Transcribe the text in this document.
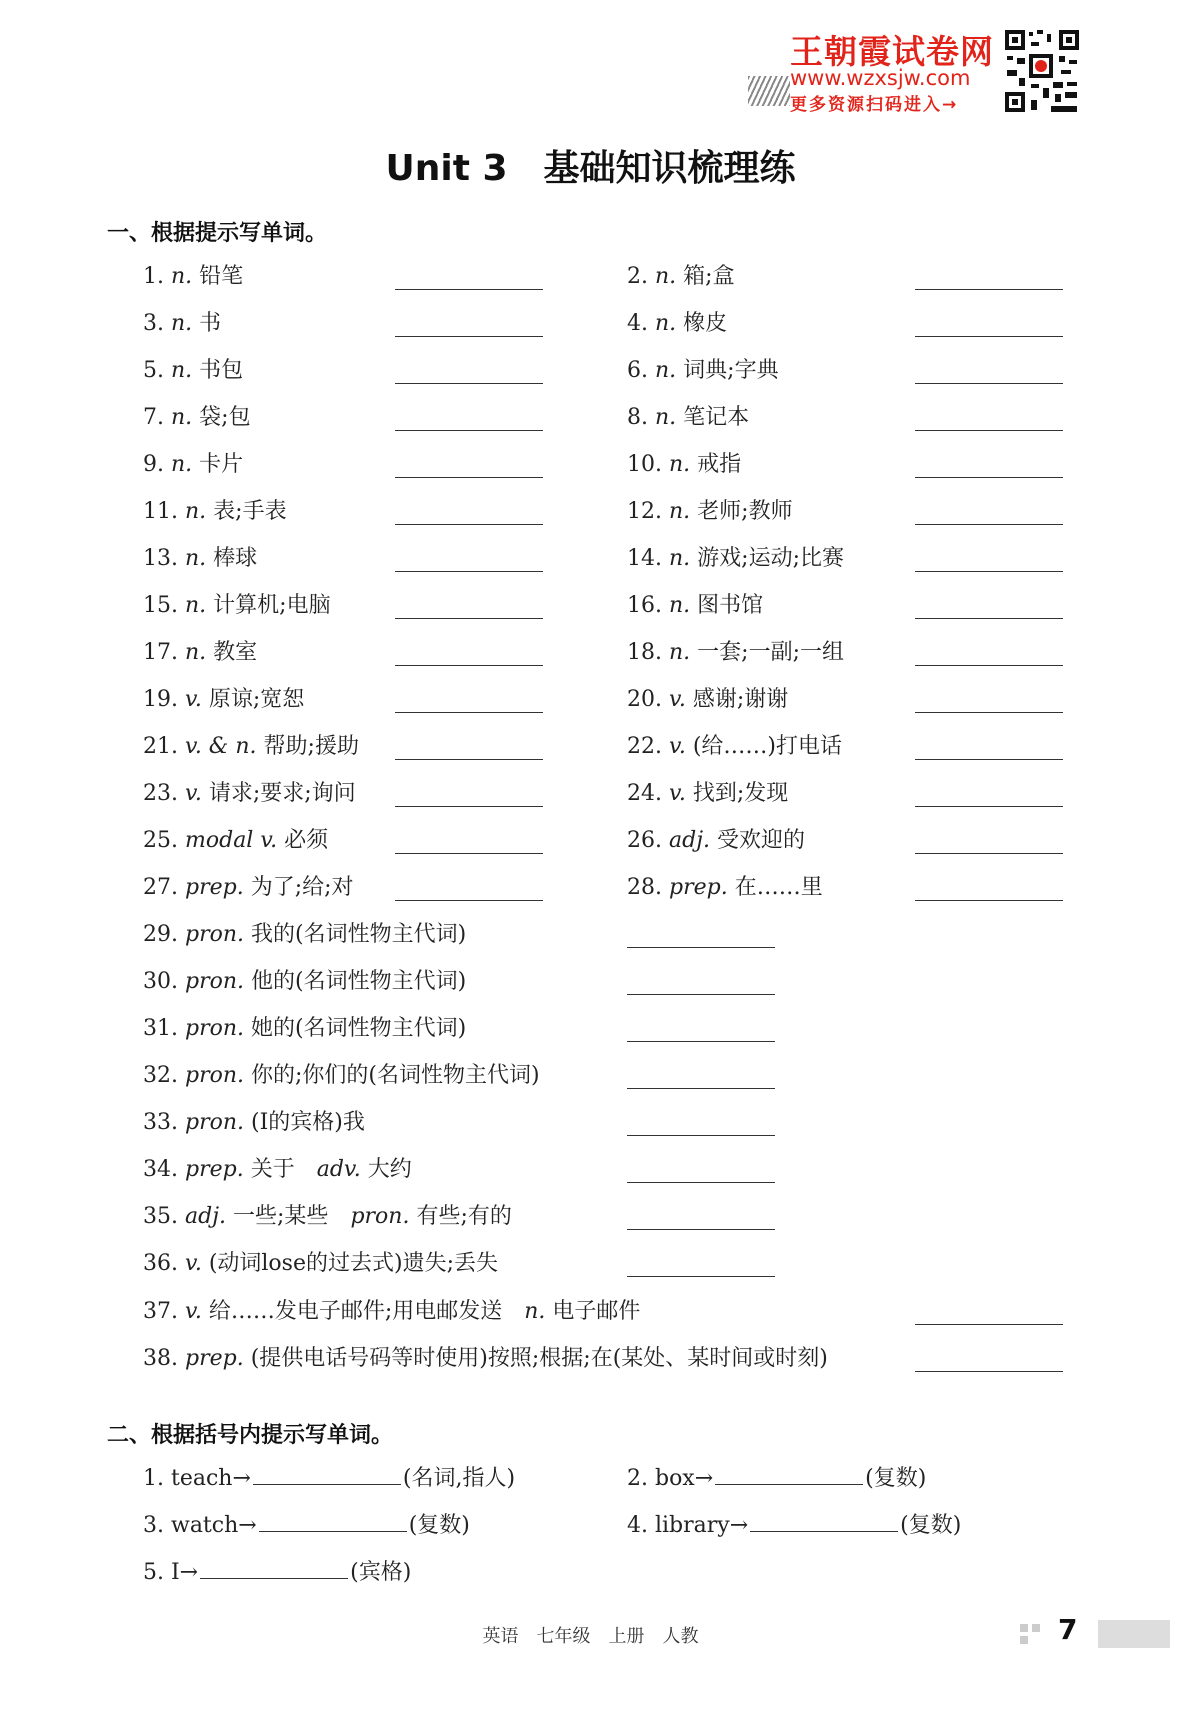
王朝霞试卷网
www.wzxsjw.com
更多资源扫码进入→
Unit 3　基础知识梳理练
一、根据提示写单词。
1. n. 铅笔	2. n. 箱;盒
3. n. 书	4. n. 橡皮
5. n. 书包	6. n. 词典;字典
7. n. 袋;包	8. n. 笔记本
9. n. 卡片	10. n. 戒指
11. n. 表;手表	12. n. 老师;教师
13. n. 棒球	14. n. 游戏;运动;比赛
15. n. 计算机;电脑	16. n. 图书馆
17. n. 教室	18. n. 一套;一副;一组
19. v. 原谅;宽恕	20. v. 感谢;谢谢
21. v. & n. 帮助;援助	22. v. (给……)打电话
23. v. 请求;要求;询问	24. v. 找到;发现
25. modal v. 必须	26. adj. 受欢迎的
27. prep. 为了;给;对	28. prep. 在……里
29. pron. 我的(名词性物主代词)
30. pron. 他的(名词性物主代词)
31. pron. 她的(名词性物主代词)
32. pron. 你的;你们的(名词性物主代词)
33. pron. (I的宾格)我
34. prep. 关于　 adv. 大约
35. adj. 一些;某些　 pron. 有些;有的
36. v. (动词lose的过去式)遗失;丢失
37. v. 给……发电子邮件;用电邮发送　 n. 电子邮件
38. prep. (提供电话号码等时使用)按照;根据;在(某处、某时间或时刻)
二、根据括号内提示写单词。
1. teach→	(名词,指人)	2. box→	(复数)
3. watch→	(复数)	4. library→	(复数)
5. I→	(宾格)
英语　七年级　上册　人教	7
